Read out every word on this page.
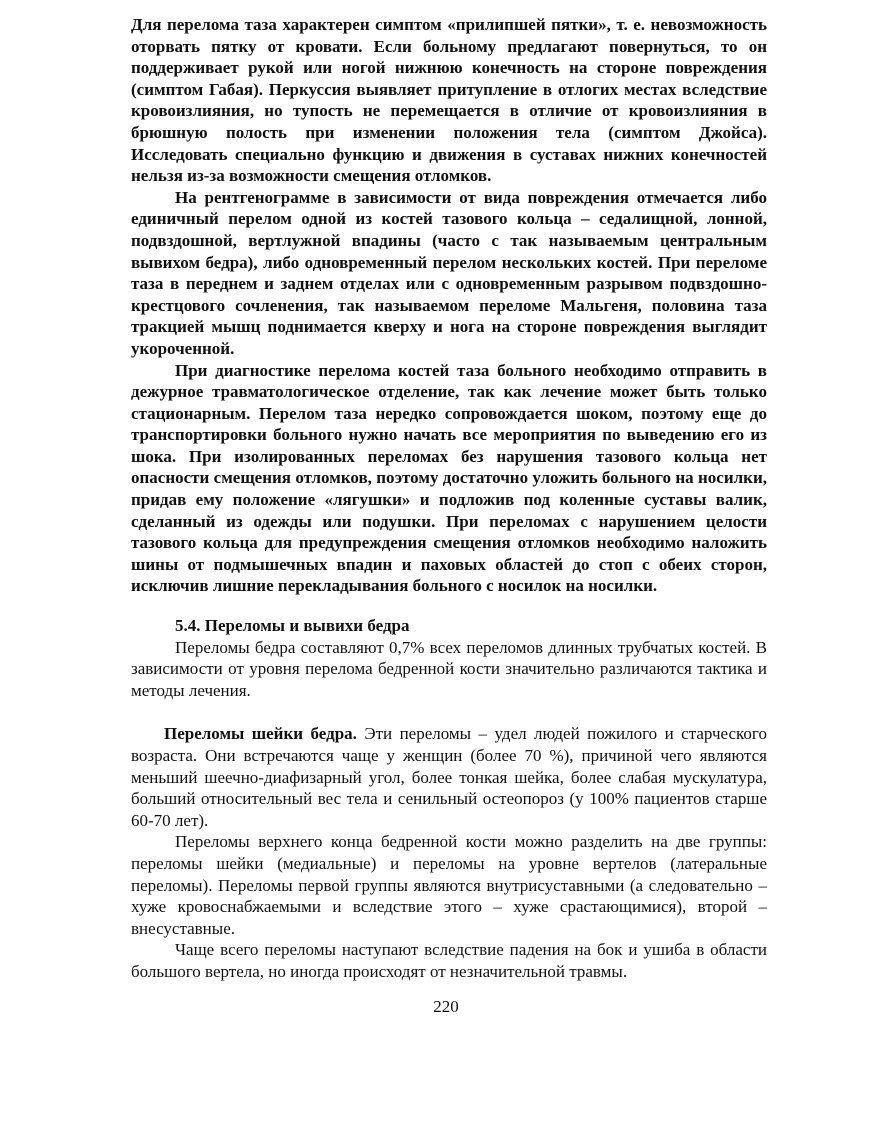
Для перелома таза характерен симптом «прилипшей пятки», т. е. невозможность оторвать пятку от кровати. Если больному предлагают повернуться, то он поддерживает рукой или ногой нижнюю конечность на стороне повреждения (симптом Габая). Перкуссия выявляет притупление в отлогих местах вследствие кровоизлияния, но тупость не перемещается в отличие от кровоизлияния в брюшную полость при изменении положения тела (симптом Джойса). Исследовать специально функцию и движения в суставах нижних конечностей нельзя из-за возможности смещения отломков.

На рентгенограмме в зависимости от вида повреждения отмечается либо единичный перелом одной из костей тазового кольца – седалищной, лонной, подвздошной, вертлужной впадины (часто с так называемым центральным вывихом бедра), либо одновременный перелом нескольких костей. При переломе таза в переднем и заднем отделах или с одновременным разрывом подвздошно-крестцового сочленения, так называемом переломе Мальгеня, половина таза тракцией мышц поднимается кверху и нога на стороне повреждения выглядит укороченной.

При диагностике перелома костей таза больного необходимо отправить в дежурное травматологическое отделение, так как лечение может быть только стационарным. Перелом таза нередко сопровождается шоком, поэтому еще до транспортировки больного нужно начать все мероприятия по выведению его из шока. При изолированных переломах без нарушения тазового кольца нет опасности смещения отломков, поэтому достаточно уложить больного на носилки, придав ему положение «лягушки» и подложив под коленные суставы валик, сделанный из одежды или подушки. При переломах с нарушением целости тазового кольца для предупреждения смещения отломков необходимо наложить шины от подмышечных впадин и паховых областей до стоп с обеих сторон, исключив лишние перекладывания больного с носилок на носилки.

5.4. Переломы и вывихи бедра

Переломы бедра составляют 0,7% всех переломов длинных трубчатых костей. В зависимости от уровня перелома бедренной кости значительно различаются тактика и методы лечения.

Переломы шейки бедра. Эти переломы – удел людей пожилого и старческого возраста. Они встречаются чаще у женщин (более 70 %), причиной чего являются меньший шеечно-диафизарный угол, более тонкая шейка, более слабая мускулатура, больший относительный вес тела и сенильный остеопороз (у 100% пациентов старше 60-70 лет).

Переломы верхнего конца бедренной кости можно разделить на две группы: переломы шейки (медиальные) и переломы на уровне вертелов (латеральные переломы). Переломы первой группы являются внутрисуставными (а следовательно – хуже кровоснабжаемыми и вследствие этого – хуже срастающимися), второй – внесуставные.

Чаще всего переломы наступают вследствие падения на бок и ушиба в области большого вертела, но иногда происходят от незначительной травмы.

220
